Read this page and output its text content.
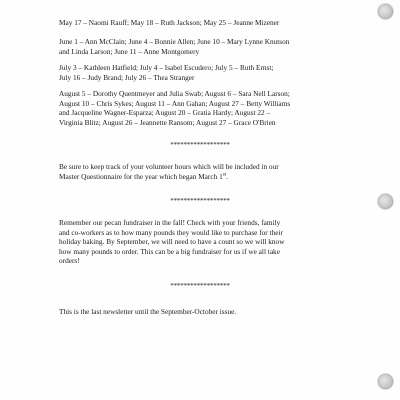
May 17 – Naomi Rauff; May 18 – Ruth Jackson; May 25 – Jeanne Mizener

June 1 – Ann McClain; June 4 – Bonnie Allen; June 10 – Mary Lynne Knutson
and Linda Larson; June 11 – Anne Montgomery

July 3 – Kathleen Hatfield; July 4 – Isabel Escudero; July 5 – Ruth Ernst;
July 16 – Judy Brand; July 26 – Thea Stranger

August 5 – Dorothy Quentmeyer and Julia Swab; August 6 – Sara Nell Larson;
August 10 – Chris Sykes; August 11 – Ann Gahan; August 27 – Betty Williams
and Jacqueline Wagner-Esparza; August 20 – Gratia Hardy; August 22 –
Virginia Blitz; August 26 – Jeannette Ransom; August 27 – Grace O'Brien

******************

Be sure to keep track of your volunteer hours which will be included in our
Master Questionnaire for the year which began March 1st.

******************

Remember our pecan fundraiser in the fall! Check with your friends, family
and co-workers as to how many pounds they would like to purchase for their
holiday baking. By September, we will need to have a count so we will know
how many pounds to order. This can be a big fundraiser for us if we all take
orders!

******************

This is the last newsletter until the September-October issue.
